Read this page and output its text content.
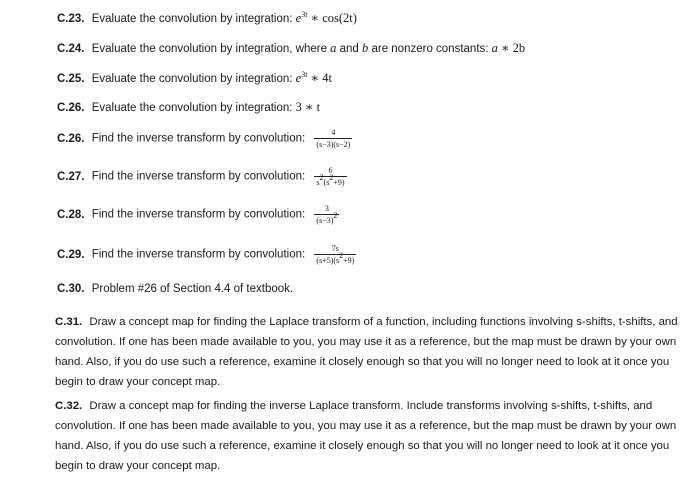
C.23. Evaluate the convolution by integration: $e^{3t}$ ∗ cos(2t)
C.24. Evaluate the convolution by integration, where a and b are nonzero constants: a ∗ 2b
C.25. Evaluate the convolution by integration: $e^{3t}$ ∗ 4t
C.26. Evaluate the convolution by integration: 3 ∗ t
C.26. Find the inverse transform by convolution: $\frac{4}{(s-3)(s-2)}$
C.27. Find the inverse transform by convolution: $\frac{6}{s^2(s^2+9)}$
C.28. Find the inverse transform by convolution: $\frac{3}{(s-3)^2}$
C.29. Find the inverse transform by convolution: $\frac{7s}{(s+5)(s^2+9)}$
C.30. Problem #26 of Section 4.4 of textbook.
C.31. Draw a concept map for finding the Laplace transform of a function, including functions involving s-shifts, t-shifts, and convolution. If one has been made available to you, you may use it as a reference, but the map must be drawn by your own hand. Also, if you do use such a reference, examine it closely enough so that you will no longer need to look at it once you begin to draw your concept map.
C.32. Draw a concept map for finding the inverse Laplace transform. Include transforms involving s-shifts, t-shifts, and convolution. If one has been made available to you, you may use it as a reference, but the map must be drawn by your own hand. Also, if you do use such a reference, examine it closely enough so that you will no longer need to look at it once you begin to draw your concept map.
